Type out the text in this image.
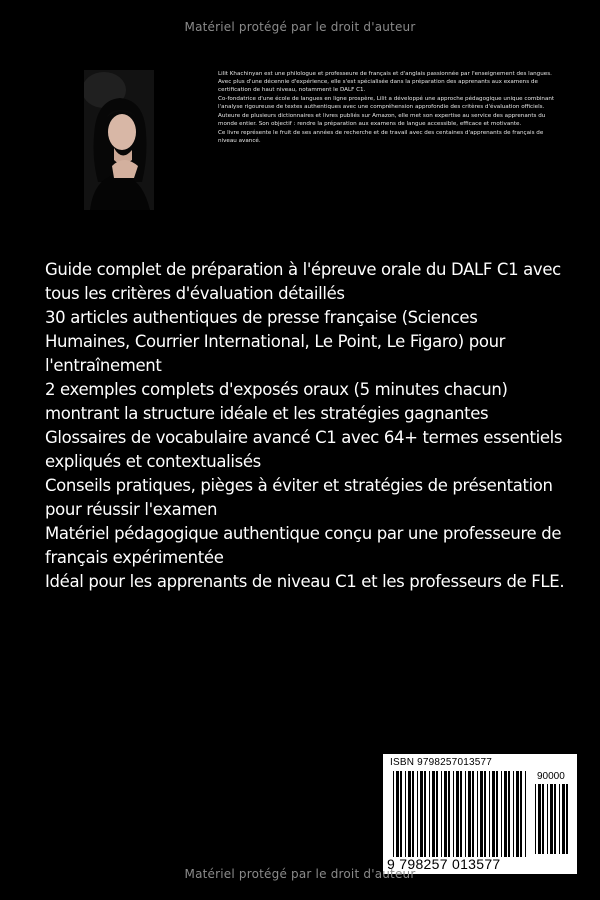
Matériel protégé par le droit d'auteur

Lilit Khachinyan est une philologue et professeure de français et d'anglais passionnée par l'enseignement des langues. Avec plus d'une décennie d'expérience, elle s'est spécialisée dans la préparation des apprenants aux examens de certification de haut niveau, notamment le DALF C1.

Co-fondatrice d'une école de langues en ligne prospère, Lilit a développé une approche pédagogique unique combinant l'analyse rigoureuse de textes authentiques avec une compréhension approfondie des critères d'évaluation officiels.

Auteure de plusieurs dictionnaires et livres publiés sur Amazon, elle met son expertise au service des apprenants du monde entier. Son objectif : rendre la préparation aux examens de langue accessible, efficace et motivante.

Ce livre représente le fruit de ses années de recherche et de travail avec des centaines d'apprenants de français de niveau avancé.

Guide complet de préparation à l'épreuve orale du DALF C1 avec tous les critères d'évaluation détaillés

30 articles authentiques de presse française (Sciences Humaines, Courrier International, Le Point, Le Figaro) pour l'entraînement

2 exemples complets d'exposés oraux (5 minutes chacun) montrant la structure idéale et les stratégies gagnantes

Glossaires de vocabulaire avancé C1 avec 64+ termes essentiels expliqués et contextualisés

Conseils pratiques, pièges à éviter et stratégies de présentation pour réussir l'examen

Matériel pédagogique authentique conçu par une professeure de français expérimentée

Idéal pour les apprenants de niveau C1 et les professeurs de FLE.

ISBN 9798257013577
90000
9 798257 013577
Matériel protégé par le droit d'auteur
